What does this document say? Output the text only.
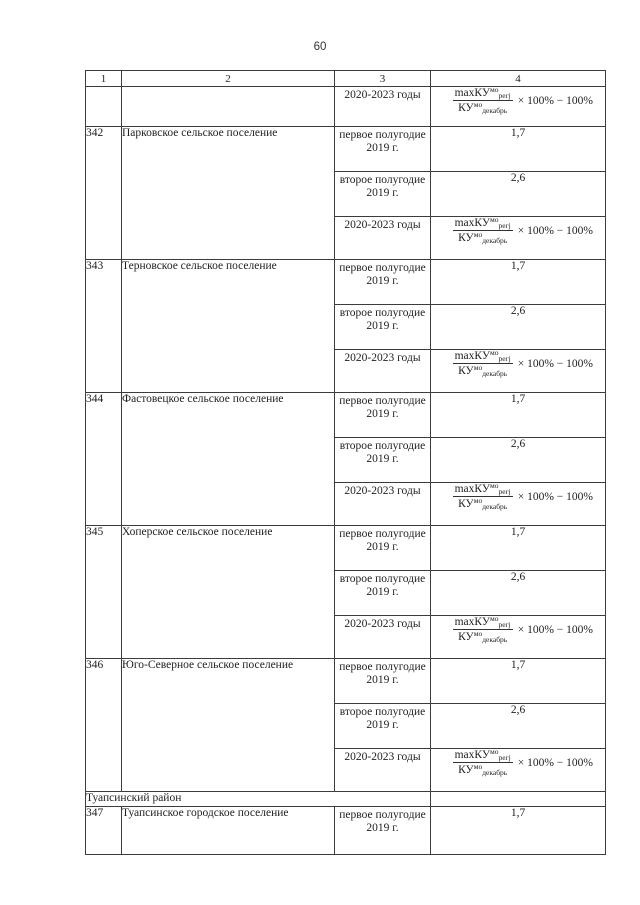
60
1	2	3	4
		2020-2023 годы	$\frac{\max КУ^{мо}_{регj}}{КУ^{мо}_{декабрь}} \times 100\% - 100\%$

342	Парковское сельское поселение	первое полугодие 2019 г.	1,7
		второе полугодие 2019 г.	2,6
		2020-2023 годы	$\frac{\max КУ^{мо}_{регj}}{КУ^{мо}_{декабрь}} \times 100\% - 100\%$

343	Терновское сельское поселение	первое полугодие 2019 г.	1,7
		второе полугодие 2019 г.	2,6
		2020-2023 годы	$\frac{\max КУ^{мо}_{регj}}{КУ^{мо}_{декабрь}} \times 100\% - 100\%$

344	Фастовецкое сельское поселение	первое полугодие 2019 г.	1,7
		второе полугодие 2019 г.	2,6
		2020-2023 годы	$\frac{\max КУ^{мо}_{регj}}{КУ^{мо}_{декабрь}} \times 100\% - 100\%$

345	Хоперское сельское поселение	первое полугодие 2019 г.	1,7
		второе полугодие 2019 г.	2,6
		2020-2023 годы	$\frac{\max КУ^{мо}_{регj}}{КУ^{мо}_{декабрь}} \times 100\% - 100\%$

346	Юго-Северное сельское поселение	первое полугодие 2019 г.	1,7
		второе полугодие 2019 г.	2,6
		2020-2023 годы	$\frac{\max КУ^{мо}_{регj}}{КУ^{мо}_{декабрь}} \times 100\% - 100\%$

Туапсинский район			
347	Туапсинское городское поселение	первое полугодие 2019 г.	1,7
